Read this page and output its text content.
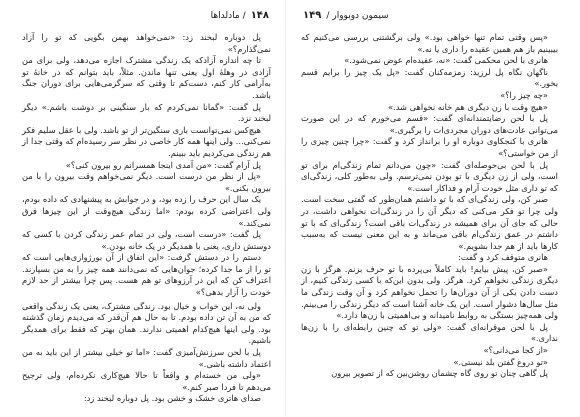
۱۴۸
/
مادلداها

پل دوباره لبخند زد: «نمی‌خواهد بهمن بگویی که تو را آزاد نمی‌گذارم؟»

تا چه اندازه آزادکه یک زندگی مشترک اجازه می‌دهد، ولی برای من آزادی در وهلهٔ اول یعنی تنها ماندن. مثلاً، باید بتوانم که در خانهٔ تو به‌آرامی کار کنم، دست‌کم تا وقتی که سرگرمی‌هایی برای دوران جنگ باشد.

پل گفت: «گمانا نمی‌کردم که بار سنگینی بر دوشت باشم.» دیگر لبخند نزد.

هیچ‌کس نمی‌توانست باری سنگین‌تر از تو باشد. ولی با عقل سلیم فکر نمی‌کنی... ولی اینها همه کار خاصی در نظر سر رسیده‌ام که وقتی جدا از هم زندگی می‌کردیم باید ببینم.

پل آرام گفت: «من آمدی اینجا همسرانم رو بیرون کنی؟»

«پل از نظر من درست است. دیگر نمی‌خواهم وقت بیرون را با من بیرون بکنی.»

یک سال این حرف را زده بود، و در جوابش به پیشنهادی که داده بودم، ولی اعتراضی کرده بودم: «اما زندگی هیچ‌وقت از این چیزها فرق نمی‌کند.»

پل گفت: «درست است، ولی در تمام عمر زندگی کردن با کسی که دوستش داری، یعنی با همدیگر در یک خانه بودن.»

دستم را در دستش گرفت: «این اتفاق از آن بورژوازی‌هایی است که تو را از ما جدا کرده؛ جوان‌هایی که نمی‌دانند همه چیز را به من بسپارند. اعتراف کن که این در آرزوهای تو هم هست. پس چرا بیشتر از حد لازم خودت را آزار بدهی؟»

ولی نه، این خواب و خیال بود. زندگی مشترک، یعنی یک زندگی واقعی که من به آن تن داده بودم. تا به حال هم آن‌قدر که می‌دیدم زمان گذشته بود. ولی اینها هیچ‌کدام اهمیتی ندارند. همان بهتر که فقط برای همدیگر باشیم.

پل با لحن سرزنش‌آمیزی گفت: «اما تو خیلی بیشتر از این باید به من اعتماد داشته باشی.»

«ولی من خسته‌ام و واقعاً تا حالا هیچ‌کاری نکرده‌ام، ولی ترجیح می‌دهم تا فردا صبر کنم.»

صدای هاتری خشک و خشن بود. پل دوباره لبخند زد:

سیمون دوبووار
/
۱۴۹

«پس وقتی تمام تنها خواهی بود.» ولی برگشتنی بررسی می‌کنیم که بیبینیم باز هم همین عقیده را داری یا نه.»

هانری با لحن محکمی گفت: «نه، عقیده‌ام عوض نمی‌شود.»

ناگهان نگاه پل لرزید: زمزمه‌کنان گفت: «پل یک چیز را برایم قسم بخور.»

«چه چیز را؟»

«هیچ وقت با زن دیگری هم خانه نخواهی شد.»

پل با لحن رضایتمندانه‌ای گفت: «قسم می‌خورم که در این صورت می‌توانی عادت‌های دوران مجردی‌ات را برگیری.»

هانری با کنجکاوی دوباره او را برانداز کرد و گفت: «چرا چنین چیزی را از من خواستی؟»

پل با لحن بی‌حوصله‌ای گفت: «چون می‌دانم تمام زندگی‌ام برای تو است، ولی از زن دیگری با تو بودن نمی‌ترسم. ولی به‌طور کلی، زندگی‌ای که تو داری مثل خودت آرام و فداکار است.»

صبر کن، ولی زندگی‌ای که با تو داشتم همان‌طور که گفتی سخت است. ولی چرا تو فکر می‌کنی که دیگر آن را در زندگی‌ات نخواهی داشت، در حالی که جای آن برای همیشه در زندگی‌ات باقی است؟ زندگی‌ای که با تو داشتم در عمق زندگی‌ام باقی می‌ماند و به این معنی نیست که به‌سبب کارها باید از هم جدا بشویم.»

هانری متوقف کرد و گفت:

«صبر کن، پیش بیایم! باید کاملاً بی‌پرده با تو حرف بزنم. هرگز با زن دیگری زندگی نخواهم کرد. هرگز. ولی بدون این‌که با کسی زندگی کنیم، از دست دادن یکی از آن دوران‌ها را تحمل نخواهم کرد و آن وقت زندگی ما مثل سال‌ها دشوار است. این یک خانه آشنا است که دیگر زندگی را می‌بینم. ولی همه‌چیز بستگی به روابط نامیدانه و بی‌اهمیتی با زن‌ها دارد.»

پل با لحن موقرانه‌ای گفت: «ولی تو که چنین رابطه‌ای را با زن‌ها نداری.»

«از کجا می‌دانی؟»

«تو دروغ گفتن بلد نیستی.»

پل گاهی چنان تو روی گاه چشمان روشن‌بین که از تصویر بیرون
